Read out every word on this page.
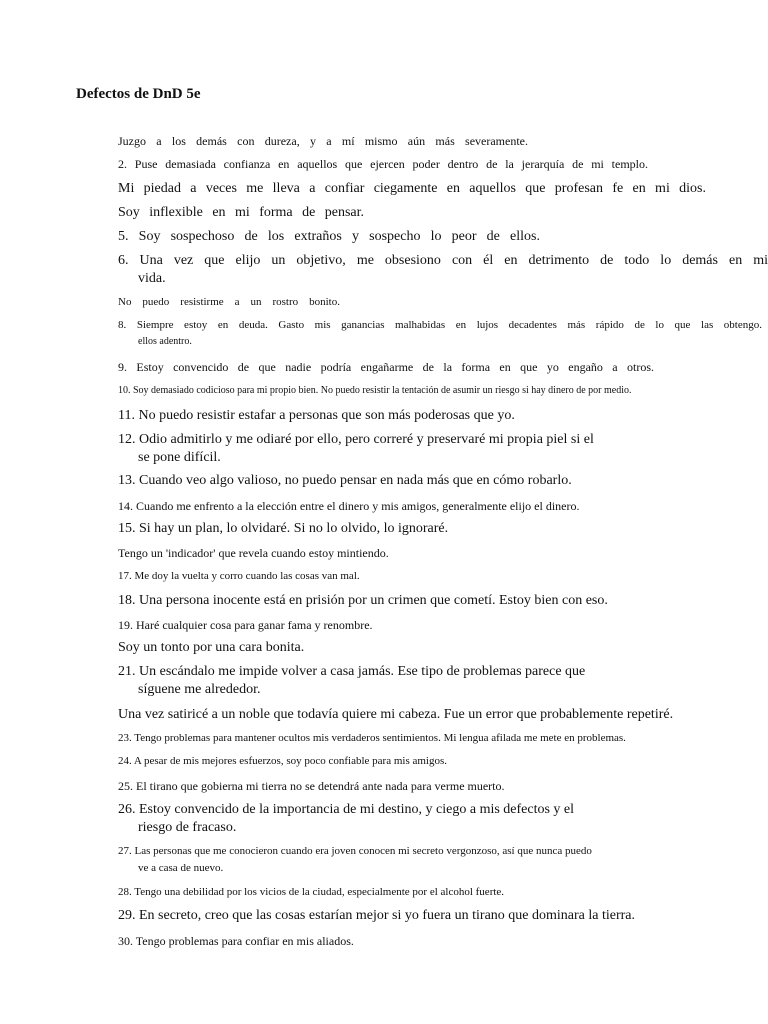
Defectos de DnD 5e
Juzgo a los demás con dureza, y a mí mismo aún más severamente.
2. Puse demasiada confianza en aquellos que ejercen poder dentro de la jerarquía de mi templo.
Mi piedad a veces me lleva a confiar ciegamente en aquellos que profesan fe en mi dios.
Soy inflexible en mi forma de pensar.
5. Soy sospechoso de los extraños y sospecho lo peor de ellos.
6. Una vez que elijo un objetivo, me obsesiono con él en detrimento de todo lo demás en mi
vida.
No puedo resistirme a un rostro bonito.
8. Siempre estoy en deuda. Gasto mis ganancias malhabidas en lujos decadentes más rápido de lo que las obtengo.
ellos adentro.
9. Estoy convencido de que nadie podría engañarme de la forma en que yo engaño a otros.
10. Soy demasiado codicioso para mi propio bien. No puedo resistir la tentación de asumir un riesgo si hay dinero de por medio.
11. No puedo resistir estafar a personas que son más poderosas que yo.
12. Odio admitirlo y me odiaré por ello, pero correré y preservaré mi propia piel si el
se pone difícil.
13. Cuando veo algo valioso, no puedo pensar en nada más que en cómo robarlo.
14. Cuando me enfrento a la elección entre el dinero y mis amigos, generalmente elijo el dinero.
15. Si hay un plan, lo olvidaré. Si no lo olvido, lo ignoraré.
Tengo un 'indicador' que revela cuando estoy mintiendo.
17. Me doy la vuelta y corro cuando las cosas van mal.
18. Una persona inocente está en prisión por un crimen que cometí. Estoy bien con eso.
19. Haré cualquier cosa para ganar fama y renombre.
Soy un tonto por una cara bonita.
21. Un escándalo me impide volver a casa jamás. Ese tipo de problemas parece que
síguene me alrededor.
Una vez satiricé a un noble que todavía quiere mi cabeza. Fue un error que probablemente repetiré.
23. Tengo problemas para mantener ocultos mis verdaderos sentimientos. Mi lengua afilada me mete en problemas.
24. A pesar de mis mejores esfuerzos, soy poco confiable para mis amigos.
25. El tirano que gobierna mi tierra no se detendrá ante nada para verme muerto.
26. Estoy convencido de la importancia de mi destino, y ciego a mis defectos y el
riesgo de fracaso.
27. Las personas que me conocieron cuando era joven conocen mi secreto vergonzoso, así que nunca puedo
ve a casa de nuevo.
28. Tengo una debilidad por los vicios de la ciudad, especialmente por el alcohol fuerte.
29. En secreto, creo que las cosas estarían mejor si yo fuera un tirano que dominara la tierra.
30. Tengo problemas para confiar en mis aliados.
